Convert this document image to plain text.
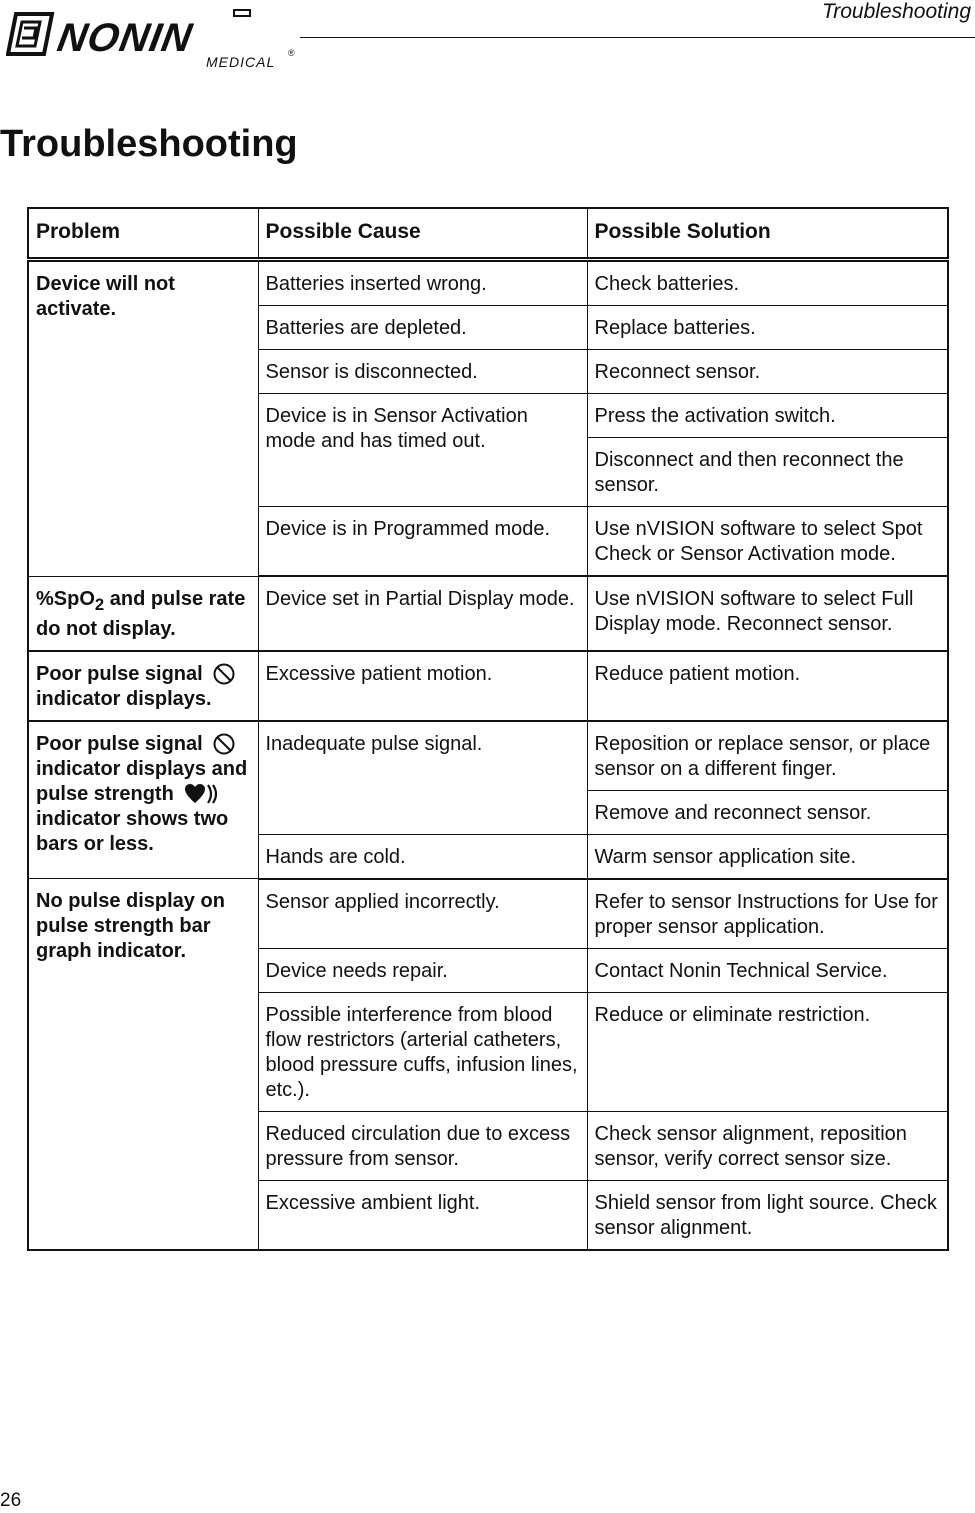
NONIN
MEDICAL
®
Troubleshooting
Troubleshooting
Problem	Possible Cause	Possible Solution
Device will not activate.	Batteries inserted wrong.	Check batteries.
	Batteries are depleted.	Replace batteries.
	Sensor is disconnected.	Reconnect sensor.
	Device is in Sensor Activation mode and has timed out.	Press the activation switch.
		Disconnect and then reconnect the sensor.
	Device is in Programmed mode.	Use nVISION software to select Spot Check or Sensor Activation mode.
%SpO$_2$ and pulse rate do not display.	Device set in Partial Display mode.	Use nVISION software to select Full Display mode. Reconnect sensor.
Poor pulse signal
indicator displays.	Excessive patient motion.	Reduce patient motion.
Poor pulse signal
indicator displays and
pulse strength
indicator shows two bars or less.	Inadequate pulse signal.	Reposition or replace sensor, or place sensor on a different finger.
		Remove and reconnect sensor.
	Hands are cold.	Warm sensor application site.
No pulse display on pulse strength bar graph indicator.	Sensor applied incorrectly.	Refer to sensor Instructions for Use for proper sensor application.
	Device needs repair.	Contact Nonin Technical Service.
	Possible interference from blood flow restrictors (arterial catheters, blood pressure cuffs, infusion lines, etc.).	Reduce or eliminate restriction.
	Reduced circulation due to excess pressure from sensor.	Check sensor alignment, reposition sensor, verify correct sensor size.
	Excessive ambient light.	Shield sensor from light source. Check sensor alignment.
26
